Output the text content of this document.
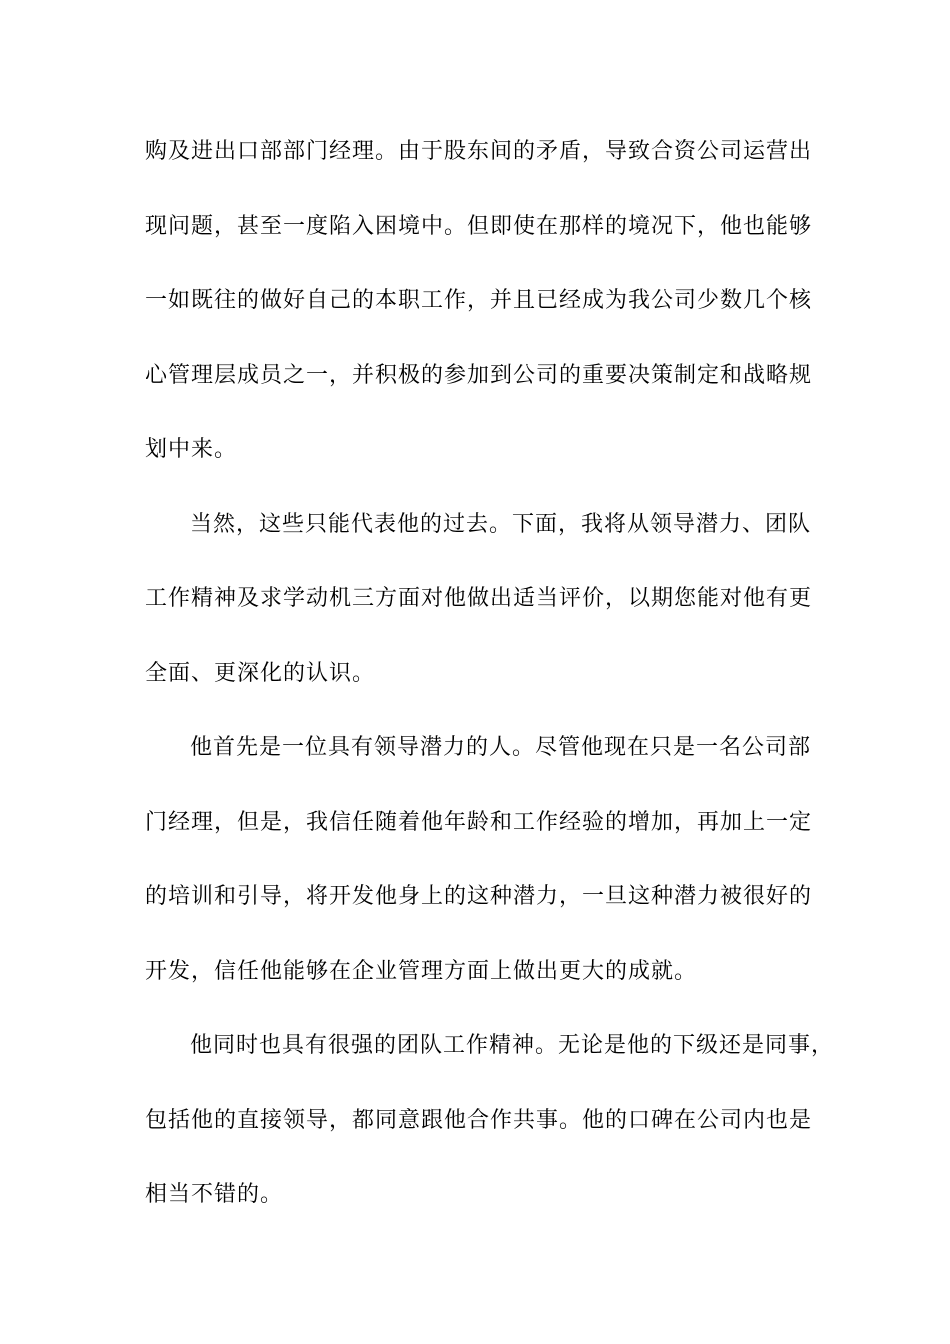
购及进出口部部门经理。由于股东间的矛盾，导致合资公司运营出
现问题，甚至一度陷入困境中。但即使在那样的境况下，他也能够
一如既往的做好自己的本职工作，并且已经成为我公司少数几个核
心管理层成员之一，并积极的参加到公司的重要决策制定和战略规
划中来。
当然，这些只能代表他的过去。下面，我将从领导潜力、团队
工作精神及求学动机三方面对他做出适当评价，以期您能对他有更
全面、更深化的认识。
他首先是一位具有领导潜力的人。尽管他现在只是一名公司部
门经理，但是，我信任随着他年龄和工作经验的增加，再加上一定
的培训和引导，将开发他身上的这种潜力，一旦这种潜力被很好的
开发，信任他能够在企业管理方面上做出更大的成就。
他同时也具有很强的团队工作精神。无论是他的下级还是同事，
包括他的直接领导，都同意跟他合作共事。他的口碑在公司内也是
相当不错的。
